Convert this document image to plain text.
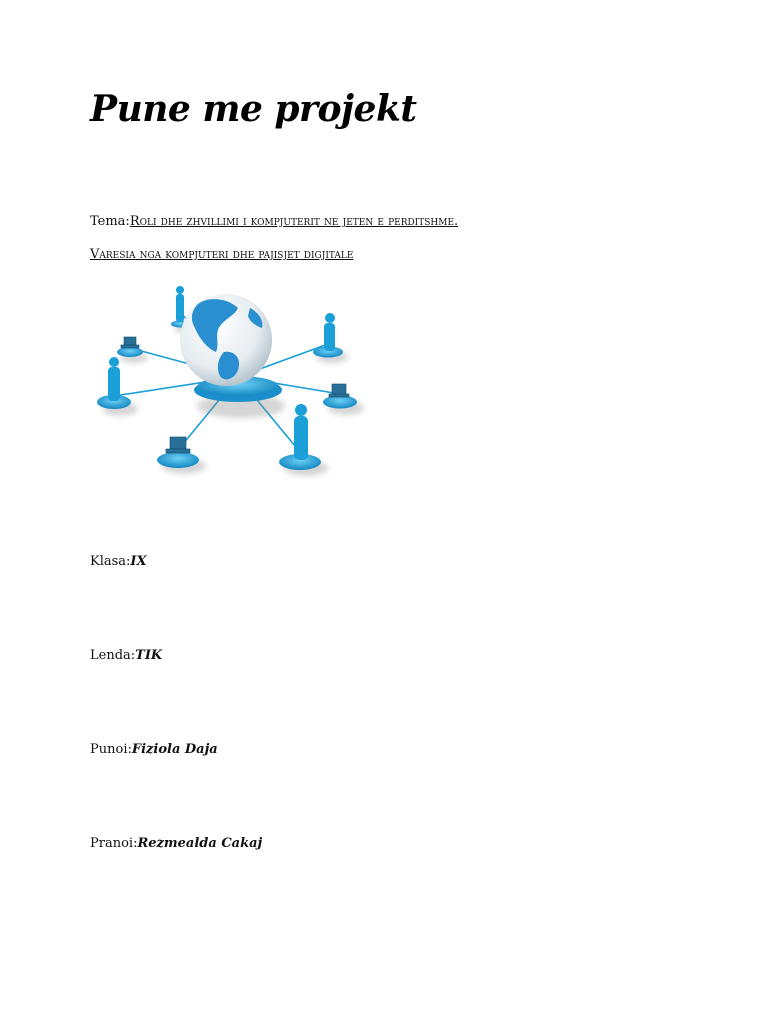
Pune me projekt
Tema:Roli dhe zhvillimi i kompjuterit ne jeten e perditshme.
Varesia nga kompjuteri dhe pajisjet digjitale
Klasa:IX
Lenda:TIK
Punoi:Fiziola Daja
Pranoi:Rezmealda Cakaj
